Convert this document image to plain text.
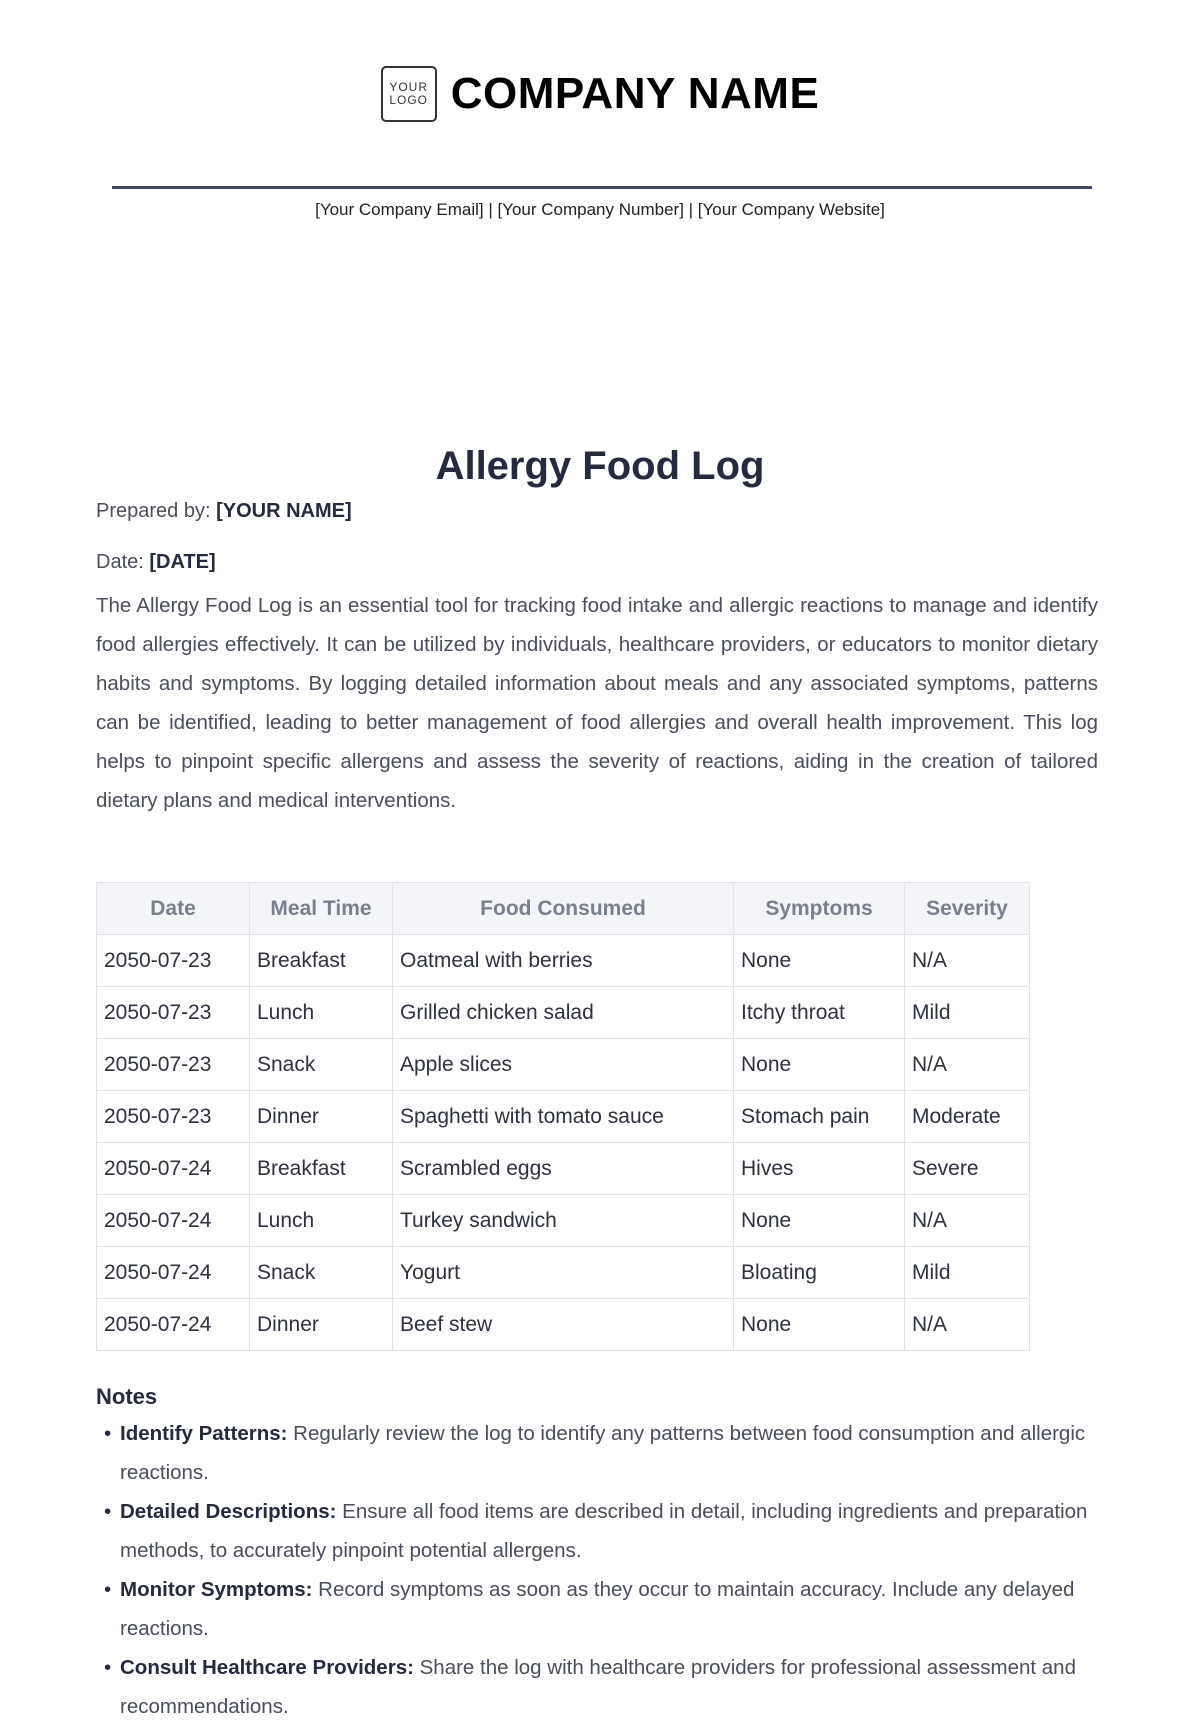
YOUR
LOGO COMPANY NAME
[Your Company Email] | [Your Company Number] | [Your Company Website]
Allergy Food Log
Prepared by: [YOUR NAME]
Date: [DATE]

The Allergy Food Log is an essential tool for tracking food intake and allergic reactions to manage and identify food allergies effectively. It can be utilized by individuals, healthcare providers, or educators to monitor dietary habits and symptoms. By logging detailed information about meals and any associated symptoms, patterns can be identified, leading to better management of food allergies and overall health improvement. This log helps to pinpoint specific allergens and assess the severity of reactions, aiding in the creation of tailored dietary plans and medical interventions.

Date	Meal Time	Food Consumed	Symptoms	Severity
2050-07-23	Breakfast	Oatmeal with berries	None	N/A
2050-07-23	Lunch	Grilled chicken salad	Itchy throat	Mild
2050-07-23	Snack	Apple slices	None	N/A
2050-07-23	Dinner	Spaghetti with tomato sauce	Stomach pain	Moderate
2050-07-24	Breakfast	Scrambled eggs	Hives	Severe
2050-07-24	Lunch	Turkey sandwich	None	N/A
2050-07-24	Snack	Yogurt	Bloating	Mild
2050-07-24	Dinner	Beef stew	None	N/A
Notes
• Identify Patterns: Regularly review the log to identify any patterns between food consumption and allergic reactions.
• Detailed Descriptions: Ensure all food items are described in detail, including ingredients and preparation methods, to accurately pinpoint potential allergens.
• Monitor Symptoms: Record symptoms as soon as they occur to maintain accuracy. Include any delayed reactions.
• Consult Healthcare Providers: Share the log with healthcare providers for professional assessment and recommendations.
